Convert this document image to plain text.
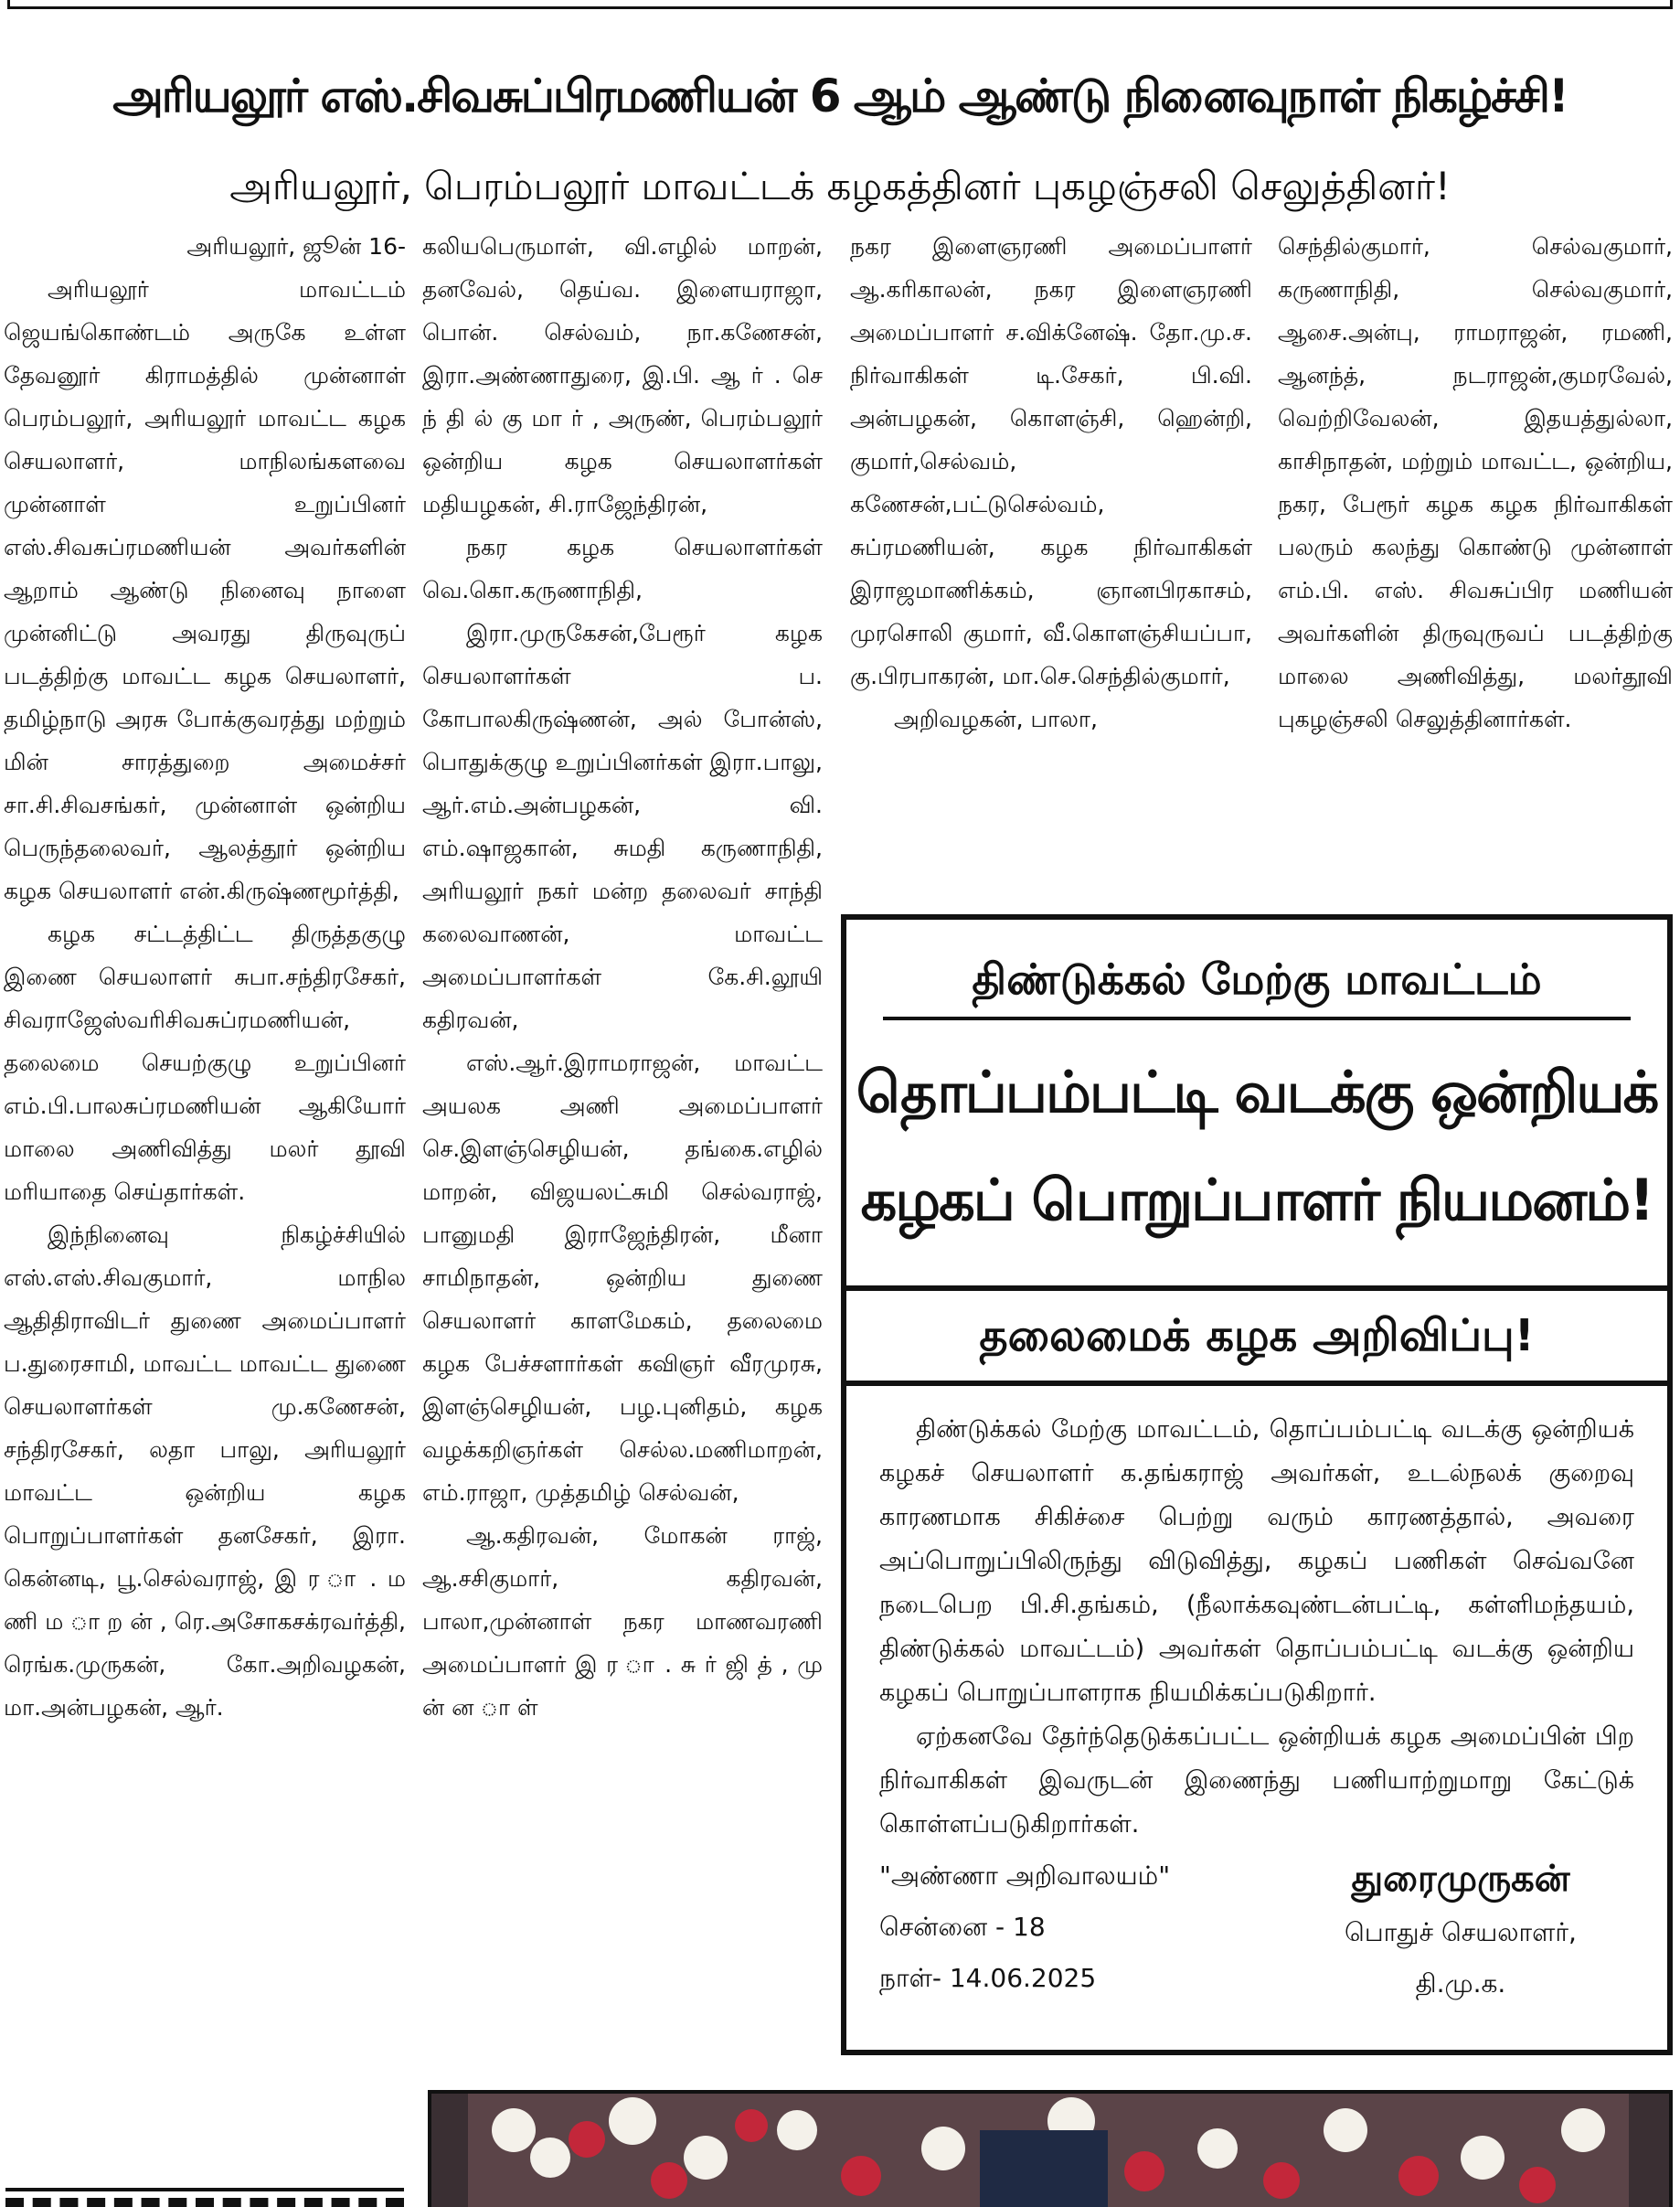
அரியலூர் எஸ்.சிவசுப்பிரமணியன் 6 ஆம் ஆண்டு நினைவுநாள் நிகழ்ச்சி!
அரியலூர், பெரம்பலூர் மாவட்டக் கழகத்தினர் புகழஞ்சலி செலுத்தினர்!

அரியலூர், ஜூன் 16-

அரியலூர் மாவட்டம் ஜெயங்கொண்டம் அருகே உள்ள தேவனூர் கிராமத்தில் முன்னாள் பெரம்பலூர், அரியலூர் மாவட்ட கழக செயலாளர், மாநிலங்களவை முன்னாள் உறுப்பினர் எஸ்.சிவசுப்ரமணியன் அவர்களின் ஆறாம் ஆண்டு நினைவு நாளை முன்னிட்டு அவரது திருவுருப் படத்திற்கு மாவட்ட கழக செயலாளர், தமிழ்நாடு அரசு போக்குவரத்து மற்றும் மின் சாரத்துறை அமைச்சர் சா.சி.சிவசங்கர், முன்னாள் ஒன்றிய பெருந்தலைவர், ஆலத்தூர் ஒன்றிய கழக செயலாளர் என்.கிருஷ்ணமூர்த்தி,

கழக சட்டத்திட்ட திருத்தகுழு இணை செயலாளர் சுபா.சந்திரசேகர், சிவராஜேஸ்வரிசிவசுப்ரமணியன், தலைமை செயற்குழு உறுப்பினர் எம்.பி.பாலசுப்ரமணியன் ஆகியோர் மாலை அணிவித்து மலர் தூவி மரியாதை செய்தார்கள்.

இந்நினைவு நிகழ்ச்சியில் எஸ்.எஸ்.சிவகுமார், மாநில ஆதிதிராவிடர் துணை அமைப்பாளர் ப.துரைசாமி, மாவட்ட மாவட்ட துணை செயலாளர்கள் மு.கணேசன், சந்திரசேகர், லதா பாலு, அரியலூர் மாவட்ட ஒன்றிய கழக பொறுப்பாளர்கள் தனசேகர், இரா. கென்னடி, பூ.செல்வராஜ், இ ர ா . ம ணி ம ா ற ன் , ரெ.அசோகசக்ரவர்த்தி, ரெங்க.முருகன், கோ.அறிவழகன், மா.அன்பழகன், ஆர்.

கலியபெருமாள், வி.எழில் மாறன், தனவேல், தெய்வ. இளையராஜா, பொன். செல்வம், நா.கணேசன், இரா.அண்ணாதுரை, இ.பி. ஆ ர் . செ ந் தி ல் கு மா ர் , அருண், பெரம்பலூர் ஒன்றிய கழக செயலாளர்கள் மதியழகன், சி.ராஜேந்திரன்,

நகர கழக செயலாளர்கள் வெ.கொ.கருணாநிதி,

இரா.முருகேசன்,பேரூர் கழக செயலாளர்கள் ப. கோபாலகிருஷ்ணன், அல் போன்ஸ், பொதுக்குழு உறுப்பினர்கள் இரா.பாலு, ஆர்.எம்.அன்பழகன், வி. எம்.ஷாஜகான், சுமதி கருணாநிதி, அரியலூர் நகர் மன்ற தலைவர் சாந்தி கலைவாணன், மாவட்ட அமைப்பாளர்கள் கே.சி.லூயி கதிரவன்,

எஸ்.ஆர்.இராமராஜன், மாவட்ட அயலக அணி அமைப்பாளர் செ.இளஞ்செழியன், தங்கை.எழில் மாறன், விஜயலட்சுமி செல்வராஜ், பானுமதி இராஜேந்திரன், மீனா சாமிநாதன், ஒன்றிய துணை செயலாளர் காளமேகம், தலைமை கழக பேச்சளார்கள் கவிஞர் வீரமுரசு, இளஞ்செழியன், பழ.புனிதம், கழக வழக்கறிஞர்கள் செல்ல.மணிமாறன், எம்.ராஜா, முத்தமிழ் செல்வன்,

ஆ.கதிரவன், மோகன் ராஜ், ஆ.சசிகுமார், கதிரவன், பாலா,முன்னாள் நகர மாணவரணி அமைப்பாளர் இ ர ா . சு ர் ஜி த் , மு ன் ன ா ள்

நகர இளைஞரணி அமைப்பாளர் ஆ.கரிகாலன், நகர இளைஞரணி அமைப்பாளர் ச.விக்னேஷ். தோ.மு.ச. நிர்வாகிகள் டி.சேகர், பி.வி. அன்பழகன், கொளஞ்சி, ஹென்றி, குமார்,செல்வம், கணேசன்,பட்டுசெல்வம், சுப்ரமணியன், கழக நிர்வாகிகள் இராஜமாணிக்கம், ஞானபிரகாசம், முரசொலி குமார், வீ.கொளஞ்சியப்பா, கு.பிரபாகரன், மா.செ.செந்தில்குமார்,

அறிவழகன், பாலா,

செந்தில்குமார், செல்வகுமார், கருணாநிதி, செல்வகுமார், ஆசை.அன்பு, ராமராஜன், ரமணி, ஆனந்த், நடராஜன்,குமரவேல், வெற்றிவேலன், இதயத்துல்லா, காசிநாதன், மற்றும் மாவட்ட, ஒன்றிய, நகர, பேரூர் கழக கழக நிர்வாகிகள் பலரும் கலந்து கொண்டு முன்னாள் எம்.பி. எஸ். சிவசுப்பிர மணியன் அவர்களின் திருவுருவப் படத்திற்கு மாலை அணிவித்து, மலர்தூவி புகழஞ்சலி செலுத்தினார்கள்.

திண்டுக்கல் மேற்கு மாவட்டம்
தொப்பம்பட்டி வடக்கு ஒன்றியக்
கழகப் பொறுப்பாளர் நியமனம்!
தலைமைக் கழக அறிவிப்பு!

திண்டுக்கல் மேற்கு மாவட்டம், தொப்பம்பட்டி வடக்கு ஒன்றியக் கழகச் செயலாளர் க.தங்கராஜ் அவர்கள், உடல்நலக் குறைவு காரணமாக சிகிச்சை பெற்று வரும் காரணத்தால், அவரை அப்பொறுப்பிலிருந்து விடுவித்து, கழகப் பணிகள் செவ்வனே நடைபெற பி.சி.தங்கம், (நீலாக்கவுண்டன்பட்டி, கள்ளிமந்தயம், திண்டுக்கல் மாவட்டம்) அவர்கள் தொப்பம்பட்டி வடக்கு ஒன்றிய கழகப் பொறுப்பாளராக நியமிக்கப்படுகிறார்.

ஏற்கனவே தேர்ந்தெடுக்கப்பட்ட ஒன்றியக் கழக அமைப்பின் பிற நிர்வாகிகள் இவருடன் இணைந்து பணியாற்றுமாறு கேட்டுக் கொள்ளப்படுகிறார்கள்.

"அண்ணா அறிவாலயம்"
சென்னை - 18
நாள்- 14.06.2025
துரைமுருகன்
பொதுச் செயலாளர்,
தி.மு.க.
